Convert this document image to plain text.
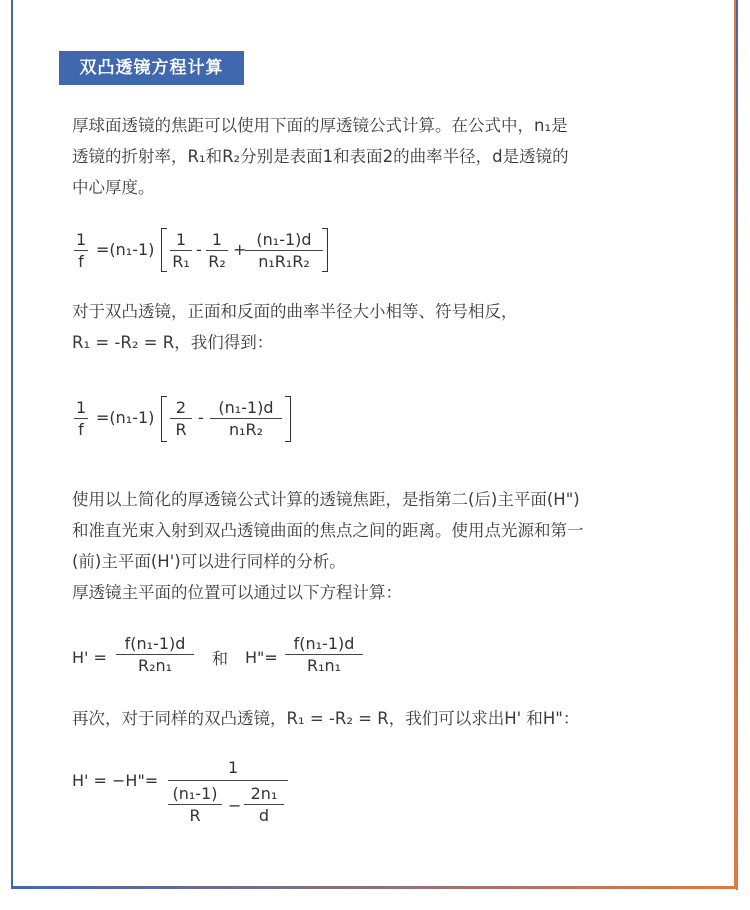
双凸透镜方程计算
厚球面透镜的焦距可以使用下面的厚透镜公式计算。在公式中，n₁是
透镜的折射率，R₁和R₂分别是表面1和表面2的曲率半径，d是透镜的
中心厚度。
$\frac{1}{f} =(n_1-1) \frac{1}{\text{R₁}} - \frac{1}{\text{R₂}}$ +
$\frac{\text{(n₁-1)d}}{\text{n₁R₁R₂}}$
对于双凸透镜，正面和反面的曲率半径大小相等、符号相反，
R₁ = -R₂ = R，我们得到：
$\frac{1}{f} =(n_1-1) \frac{2}{R} - \frac{\text{(n₁-1)d}}{\text{n₁R₂}}$
使用以上简化的厚透镜公式计算的透镜焦距，是指第二(后)主平面(H")
和准直光束入射到双凸透镜曲面的焦点之间的距离。使用点光源和第一
(前)主平面(H')可以进行同样的分析。
厚透镜主平面的位置可以通过以下方程计算：
$H' = \frac{\text{f(n₁-1)d}}{\text{R₂n₁}}$ 和 H"= $\frac{\text{f(n₁-1)d}}{\text{R₁n₁}}$
再次，对于同样的双凸透镜，R₁ = -R₂ = R，我们可以求出H' 和H"：
H' = −H"=
1
$\frac{\text{(n₁-1)}}{R} - \frac{\text{2n₁}}{d}$
